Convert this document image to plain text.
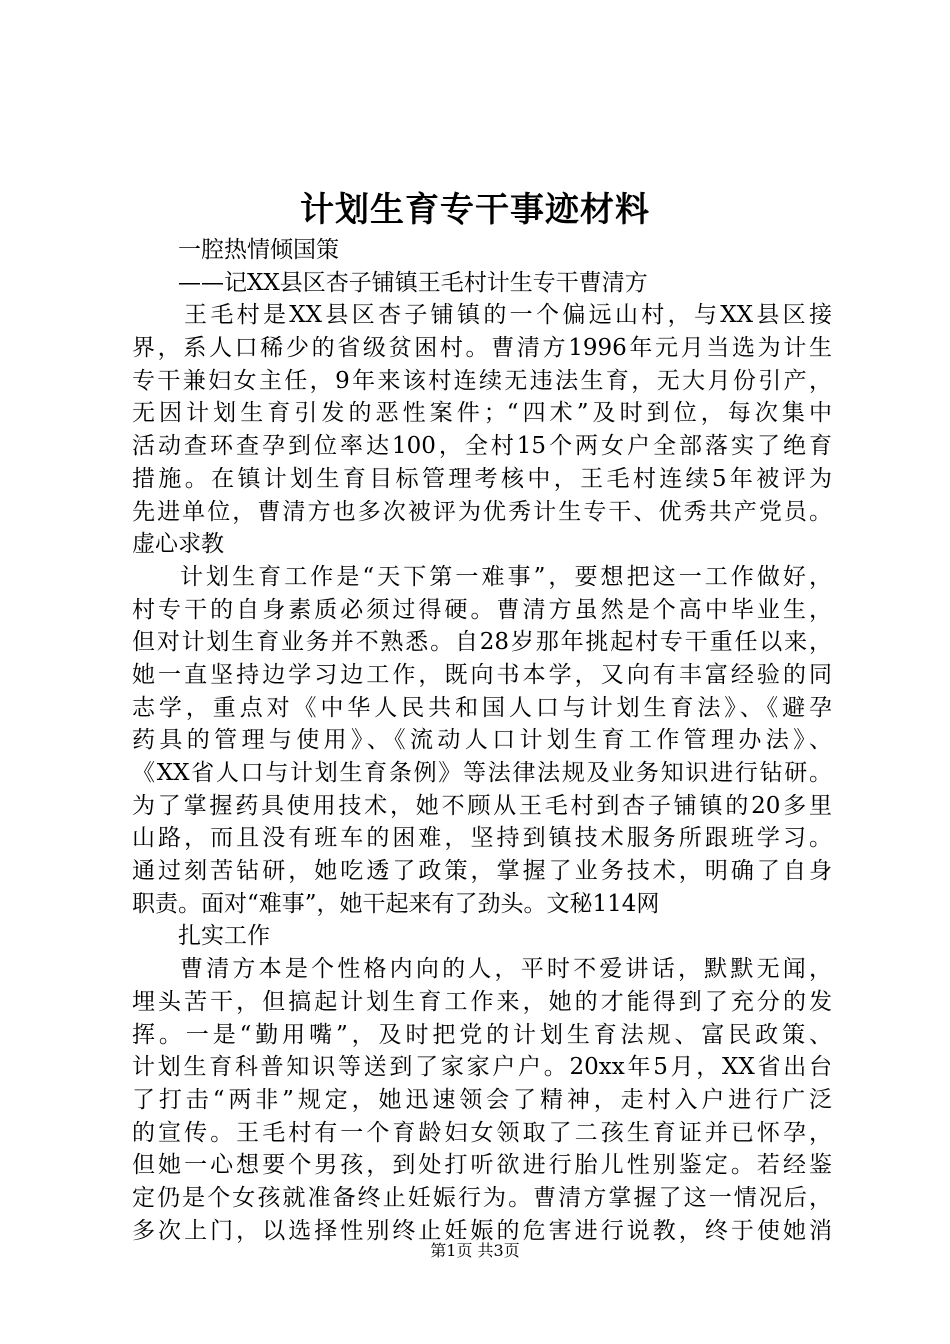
计划生育专干事迹材料
一腔热情倾国策
——记XX县区杏子铺镇王毛村计生专干曹清方
王毛村是XX县区杏子铺镇的一个偏远山村，与XX县区接
界，系人口稀少的省级贫困村。曹清方1996年元月当选为计生
专干兼妇女主任，9年来该村连续无违法生育，无大月份引产，
无因计划生育引发的恶性案件；“四术”及时到位，每次集中
活动查环查孕到位率达100，全村15个两女户全部落实了绝育
措施。在镇计划生育目标管理考核中，王毛村连续5年被评为
先进单位，曹清方也多次被评为优秀计生专干、优秀共产党员。
虚心求教
计划生育工作是“天下第一难事”，要想把这一工作做好，
村专干的自身素质必须过得硬。曹清方虽然是个高中毕业生，
但对计划生育业务并不熟悉。自28岁那年挑起村专干重任以来，
她一直坚持边学习边工作，既向书本学，又向有丰富经验的同
志学，重点对《中华人民共和国人口与计划生育法》、《避孕
药具的管理与使用》、《流动人口计划生育工作管理办法》、
《XX省人口与计划生育条例》等法律法规及业务知识进行钻研。
为了掌握药具使用技术，她不顾从王毛村到杏子铺镇的20多里
山路，而且没有班车的困难，坚持到镇技术服务所跟班学习。
通过刻苦钻研，她吃透了政策，掌握了业务技术，明确了自身
职责。面对“难事”，她干起来有了劲头。文秘114网
扎实工作
曹清方本是个性格内向的人，平时不爱讲话，默默无闻，
埋头苦干，但搞起计划生育工作来，她的才能得到了充分的发
挥。一是“勤用嘴”，及时把党的计划生育法规、富民政策、
计划生育科普知识等送到了家家户户。20xx年5月，XX省出台
了打击“两非”规定，她迅速领会了精神，走村入户进行广泛
的宣传。王毛村有一个育龄妇女领取了二孩生育证并已怀孕，
但她一心想要个男孩，到处打听欲进行胎儿性别鉴定。若经鉴
定仍是个女孩就准备终止妊娠行为。曹清方掌握了这一情况后，
多次上门，以选择性别终止妊娠的危害进行说教，终于使她消
第1页 共3页
